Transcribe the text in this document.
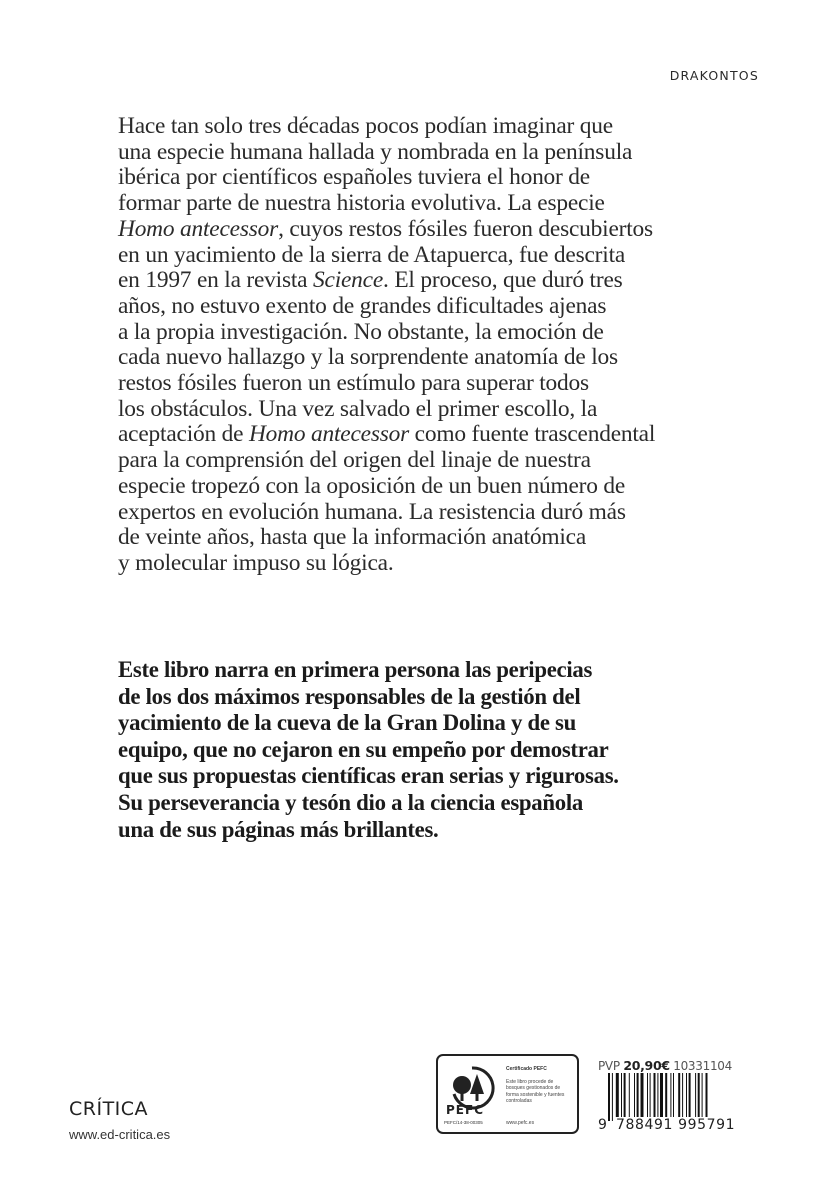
DRAKONTOS
Hace tan solo tres décadas pocos podían imaginar que
una especie humana hallada y nombrada en la península
ibérica por científicos españoles tuviera el honor de
formar parte de nuestra historia evolutiva. La especie
Homo antecessor, cuyos restos fósiles fueron descubiertos
en un yacimiento de la sierra de Atapuerca, fue descrita
en 1997 en la revista Science. El proceso, que duró tres
años, no estuvo exento de grandes dificultades ajenas
a la propia investigación. No obstante, la emoción de
cada nuevo hallazgo y la sorprendente anatomía de los
restos fósiles fueron un estímulo para superar todos
los obstáculos. Una vez salvado el primer escollo, la
aceptación de Homo antecessor como fuente trascendental
para la comprensión del origen del linaje de nuestra
especie tropezó con la oposición de un buen número de
expertos en evolución humana. La resistencia duró más
de veinte años, hasta que la información anatómica
y molecular impuso su lógica.
Este libro narra en primera persona las peripecias
de los dos máximos responsables de la gestión del
yacimiento de la cueva de la Gran Dolina y de su
equipo, que no cejaron en su empeño por demostrar
que sus propuestas científicas eran serias y rigurosas.
Su perseverancia y tesón dio a la ciencia española
una de sus páginas más brillantes.
CRÍTICA
www.ed-critica.es
PEFC
PEFC/14-38-00305
Certificado PEFC
Este libro procede de bosques gestionados de forma sostenible y fuentes controladas
www.pefc.es
PVP 20,90€ 10331104
9 788491 995791
